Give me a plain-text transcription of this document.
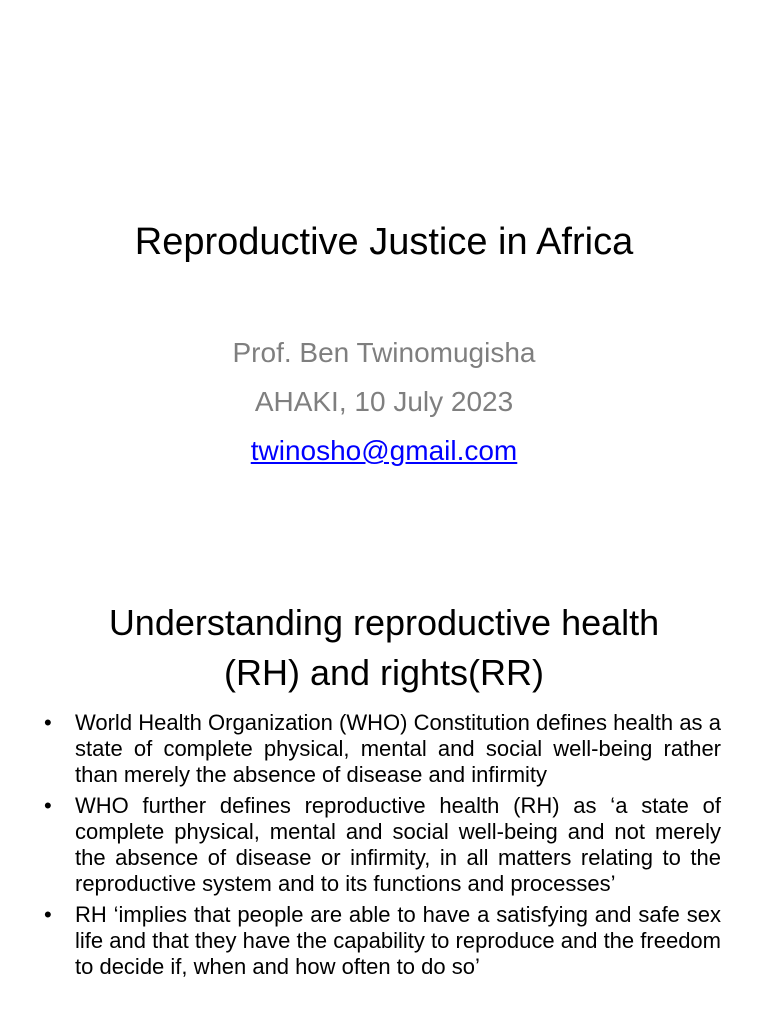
Reproductive Justice in Africa
Prof. Ben Twinomugisha
AHAKI, 10 July 2023
twinosho@gmail.com
Understanding reproductive health
(RH) and rights(RR)
• World Health Organization (WHO) Constitution defines health as a state of complete physical, mental and social well-being rather than merely the absence of disease and infirmity
• WHO further defines reproductive health (RH) as ‘a state of complete physical, mental and social well-being and not merely the absence of disease or infirmity, in all matters relating to the reproductive system and to its functions and processes’
• RH ‘implies that people are able to have a satisfying and safe sex life and that they have the capability to reproduce and the freedom to decide if, when and how often to do so’
